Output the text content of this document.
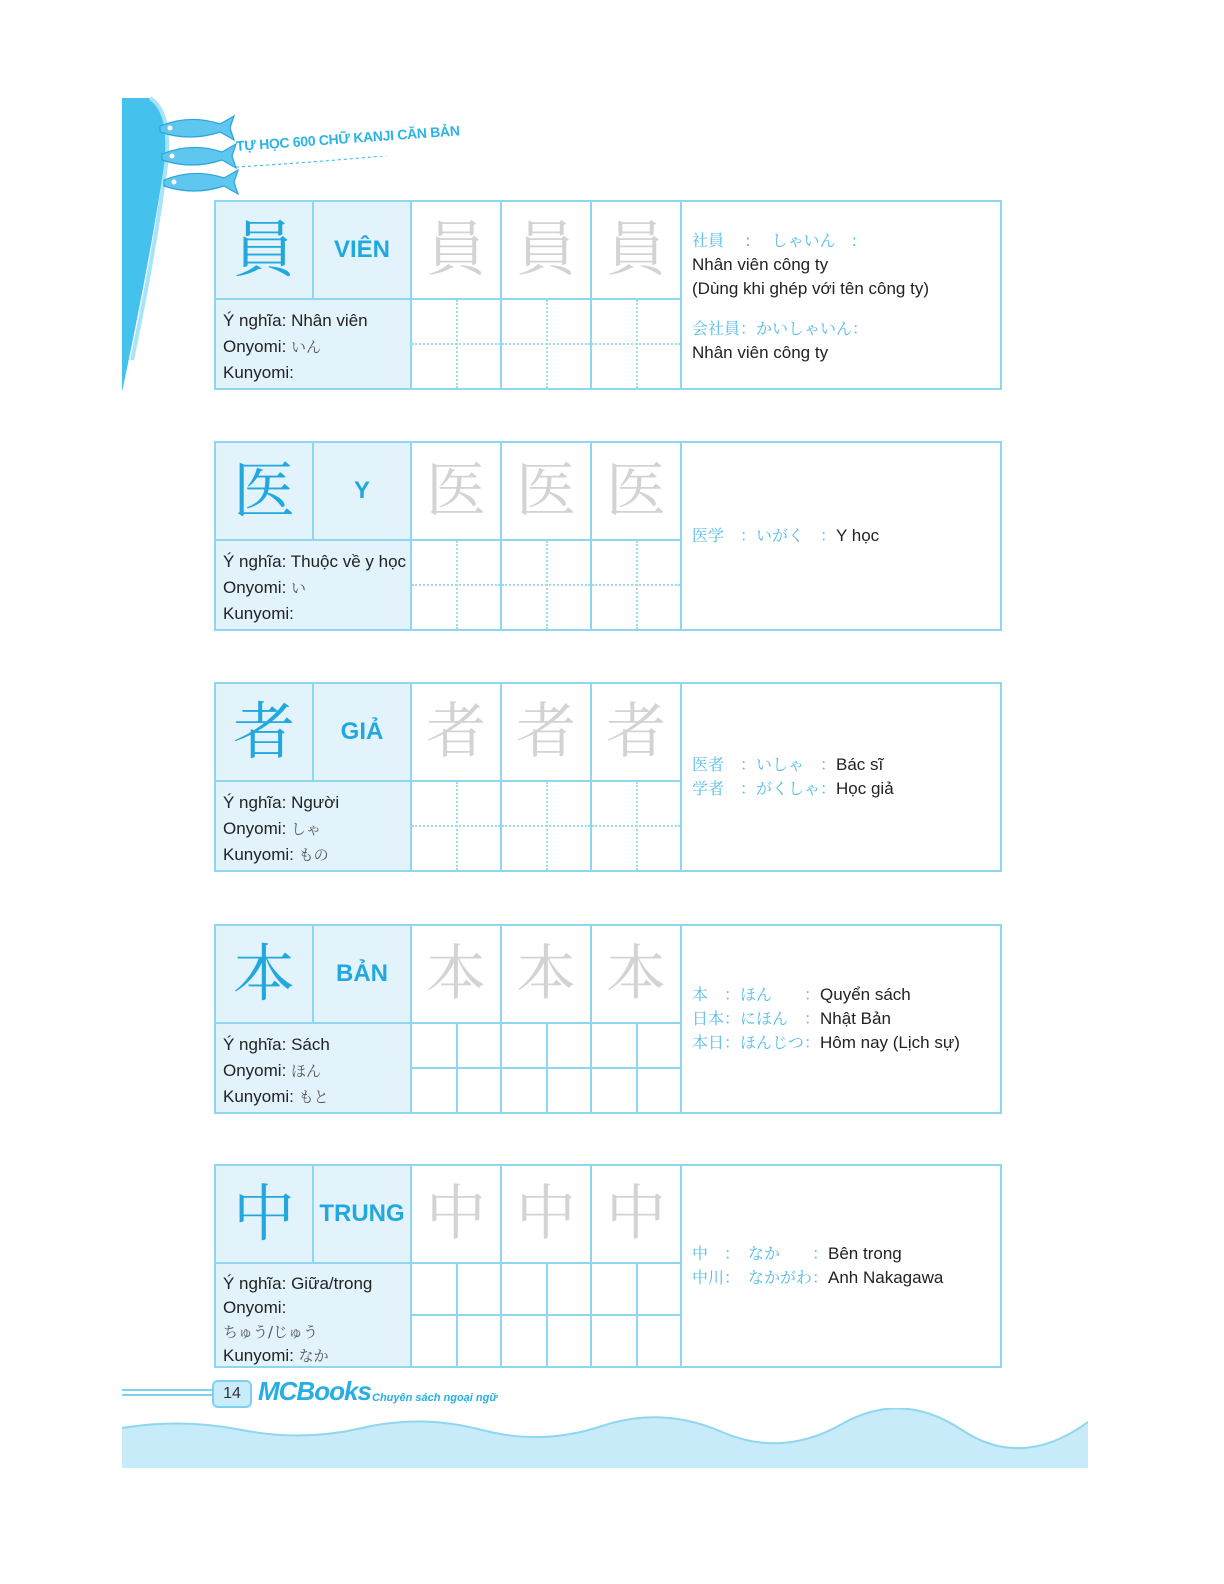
TỰ HỌC 600 CHỮ KANJI CĂN BẢN
員	VIÊN 員 員 員
Ý nghĩa: Nhân viên
Onyomi: いん
Kunyomi:
社員　 :　 しゃいん　:
Nhân viên công ty
(Dùng khi ghép với tên công ty)
会社員：かいしゃいん：
Nhân viên công ty
医	Y 医 医 医
Ý nghĩa: Thuộc về y học
Onyomi: い
Kunyomi:
医学　：いがく　：Y học
者	GIẢ 者 者 者
Ý nghĩa: Người
Onyomi: しゃ
Kunyomi: もの
医者　：いしゃ　：Bác sĩ
学者　：がくしゃ：Học giả
本	BẢN 本 本 本
Ý nghĩa: Sách
Onyomi: ほん
Kunyomi: もと
本　：ほん　　：Quyển sách
日本：にほん　：Nhật Bản
本日：ほんじつ：Hôm nay (Lịch sự)
中	TRUNG 中 中 中
Ý nghĩa: Giữa/trong
Onyomi:
ちゅう/じゅう
Kunyomi: なか
中　：　なか　　：Bên trong
中川：　なかがわ：Anh Nakagawa
14 MCBooks Chuyên sách ngoại ngữ
